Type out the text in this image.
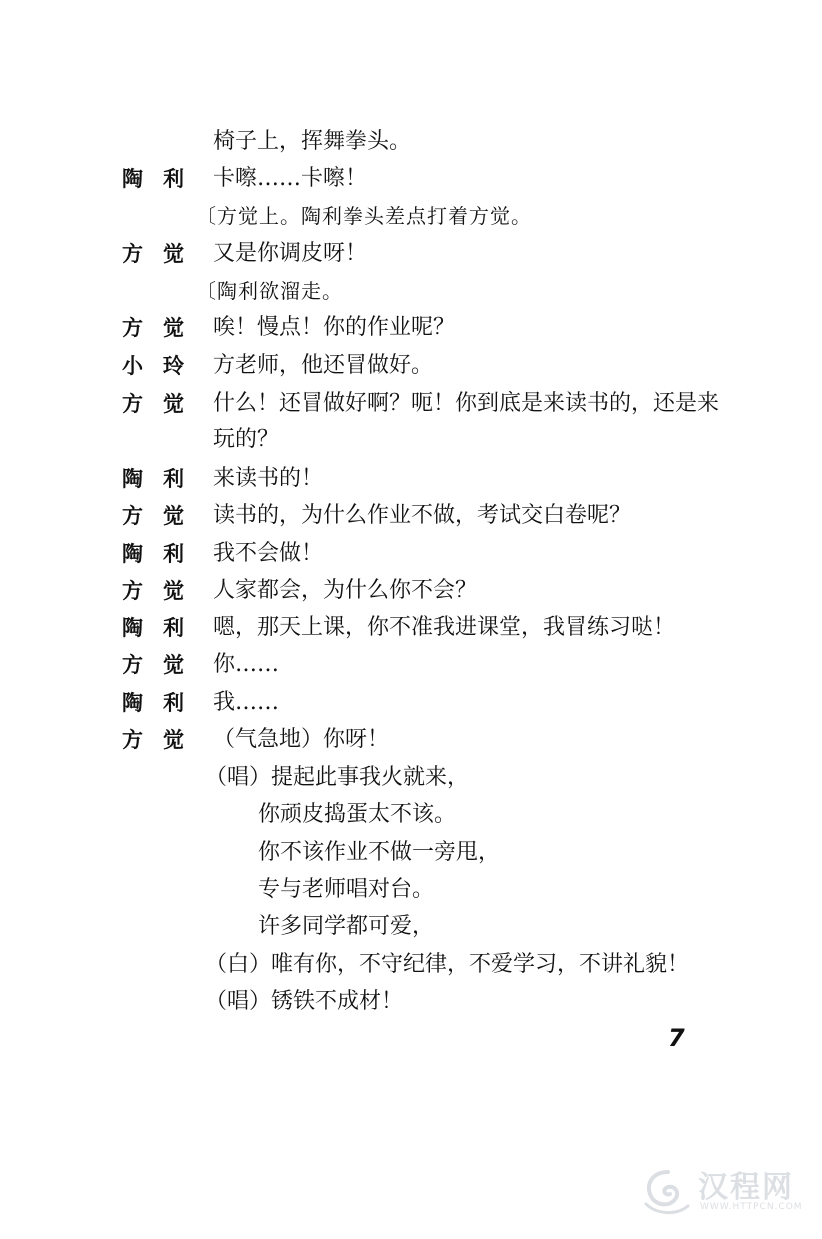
椅子上，挥舞拳头。
陶利 卡嚓……卡嚓！
〔方觉上。陶利拳头差点打着方觉。
方觉 又是你调皮呀！
〔陶利欲溜走。
方觉 唉！慢点！你的作业呢？
小玲 方老师，他还冒做好。
方觉 什么！还冒做好啊？呃！你到底是来读书的，还是来
玩的？
陶利 来读书的！
方觉 读书的，为什么作业不做，考试交白卷呢？
陶利 我不会做！
方觉 人家都会，为什么你不会？
陶利 嗯，那天上课，你不准我进课堂，我冒练习哒！
方觉 你……
陶利 我……
方觉 （气急地）你呀！
（唱）提起此事我火就来，
你顽皮捣蛋太不该。
你不该作业不做一旁甩，
专与老师唱对台。
许多同学都可爱，
（白）唯有你，不守纪律，不爱学习，不讲礼貌！
（唱）锈铁不成材！
7
汉程网
WWW.HTTPCN.COM
